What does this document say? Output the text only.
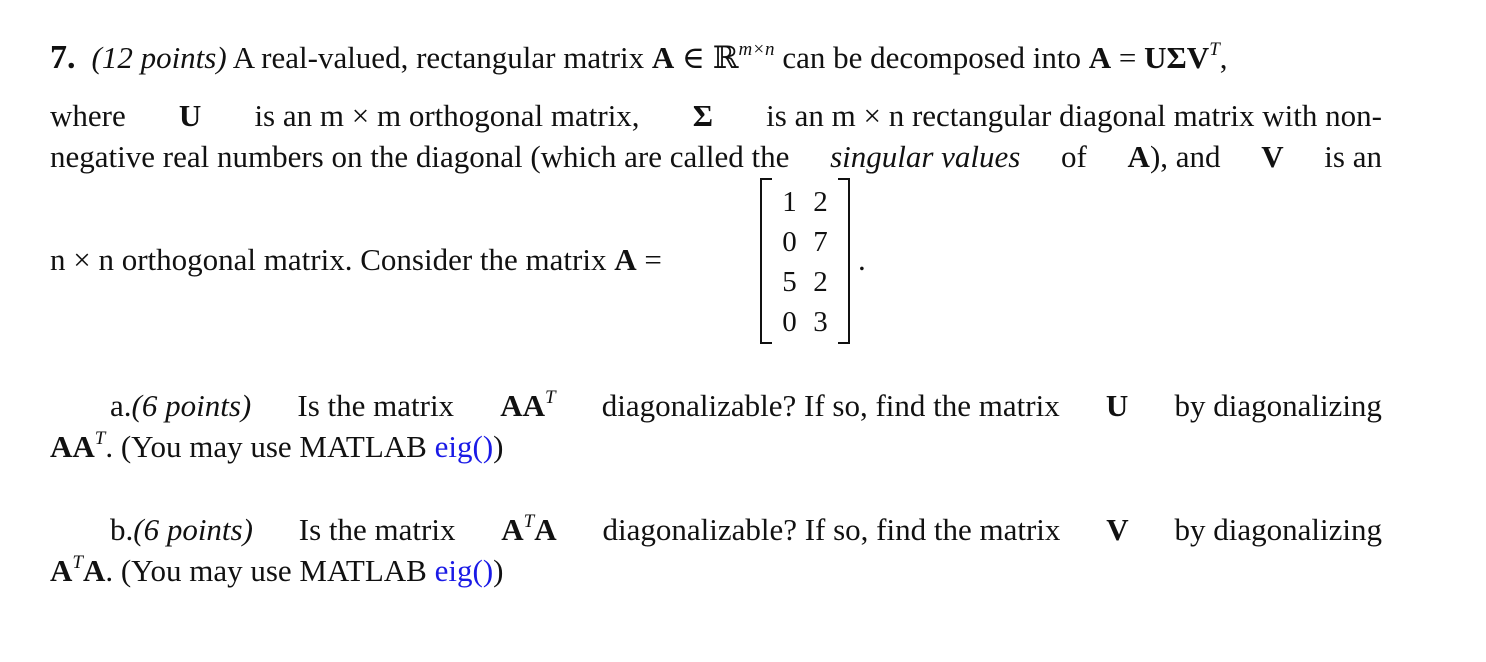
7. (12 points) A real-valued, rectangular matrix A ∈ ℝ$^{m\times n}$ can be decomposed into $A = U\Sigma V^T$,
where U is an m × m orthogonal matrix, Σ is an m × n rectangular diagonal matrix with non-
negative real numbers on the diagonal (which are called the singular values of A), and V is an
n × n orthogonal matrix. Consider the matrix A =
1 2
0 7
5 2
0 3
.
a.(6 points) Is the matrix $AA^T$ diagonalizable? If so, find the matrix U by diagonalizing
$AA^T$. (You may use MATLAB eig())
b.(6 points) Is the matrix $A^TA$ diagonalizable? If so, find the matrix V by diagonalizing
$A^TA$. (You may use MATLAB eig())
